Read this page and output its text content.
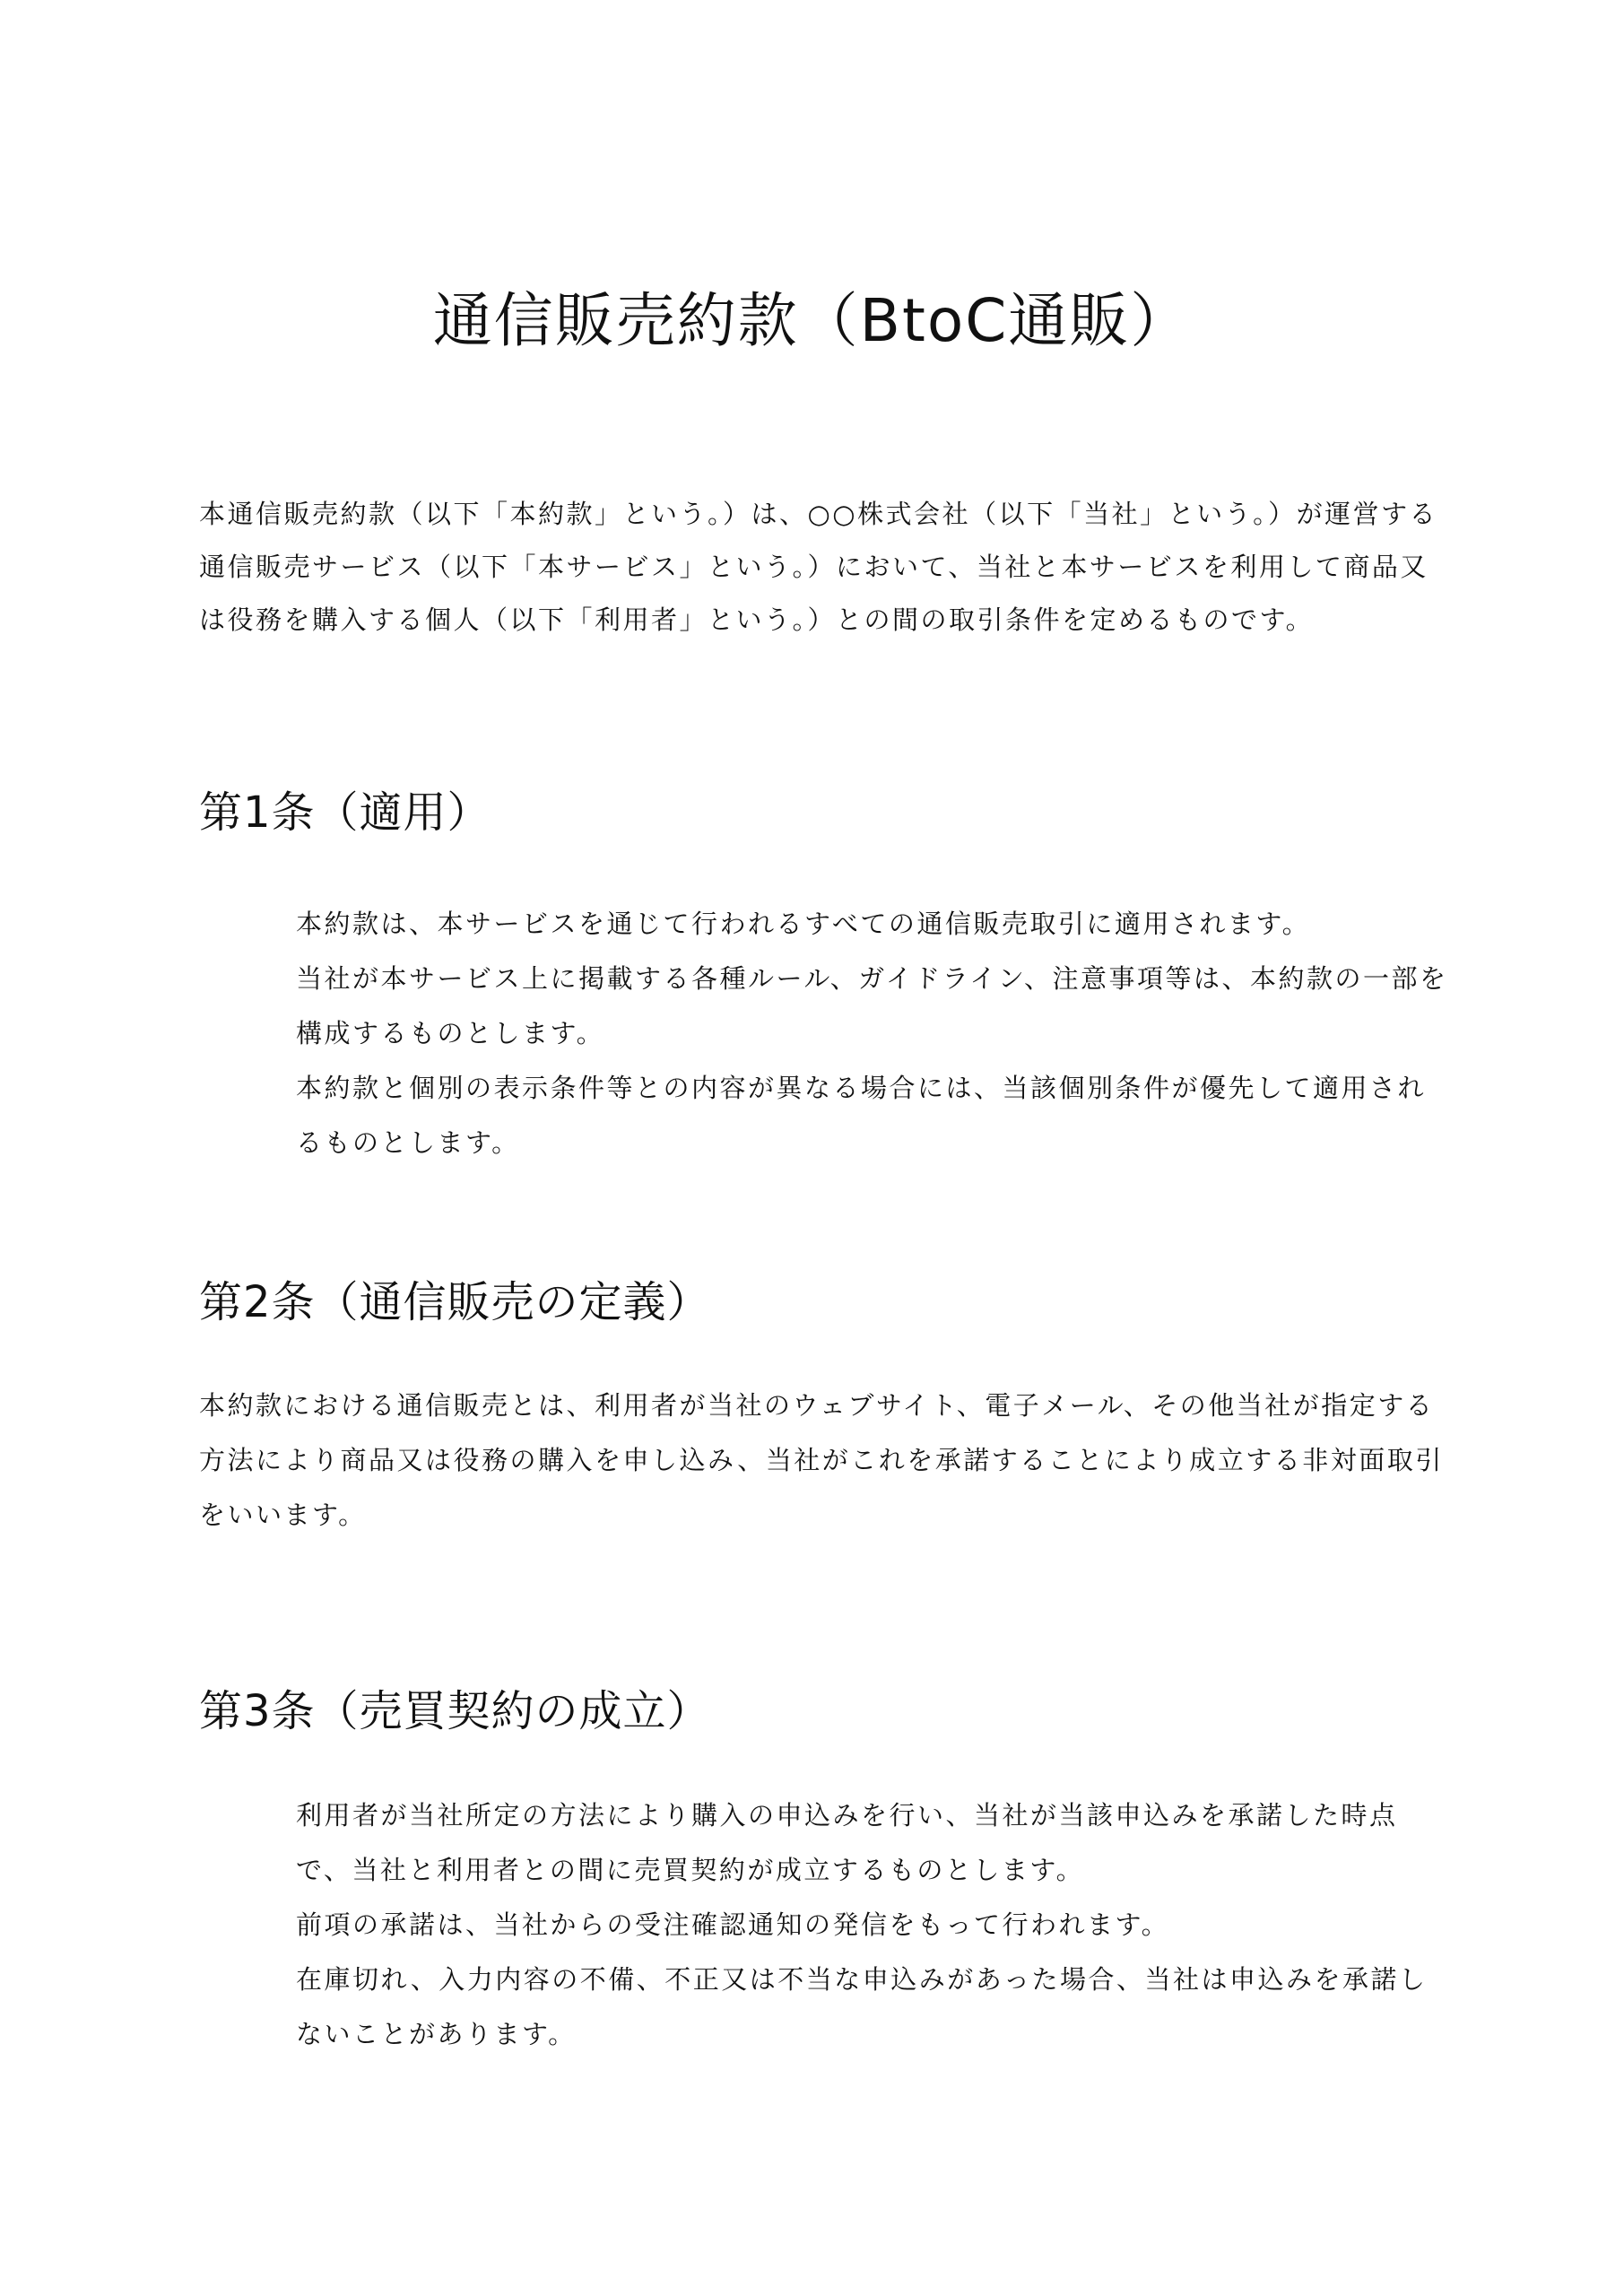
通信販売約款（BtoC通販）

本通信販売約款（以下「本約款」という。）は、○○株式会社（以下「当社」という。）が運営する通信販売サービス（以下「本サービス」という。）において、当社と本サービスを利用して商品又は役務を購入する個人（以下「利用者」という。）との間の取引条件を定めるものです。

第1条（適用）

本約款は、本サービスを通じて行われるすべての通信販売取引に適用されます。

当社が本サービス上に掲載する各種ルール、ガイドライン、注意事項等は、本約款の一部を構成するものとします。

本約款と個別の表示条件等との内容が異なる場合には、当該個別条件が優先して適用されるものとします。

第2条（通信販売の定義）

本約款における通信販売とは、利用者が当社のウェブサイト、電子メール、その他当社が指定する方法により商品又は役務の購入を申し込み、当社がこれを承諾することにより成立する非対面取引をいいます。

第3条（売買契約の成立）

利用者が当社所定の方法により購入の申込みを行い、当社が当該申込みを承諾した時点で、当社と利用者との間に売買契約が成立するものとします。

前項の承諾は、当社からの受注確認通知の発信をもって行われます。

在庫切れ、入力内容の不備、不正又は不当な申込みがあった場合、当社は申込みを承諾しないことがあります。
